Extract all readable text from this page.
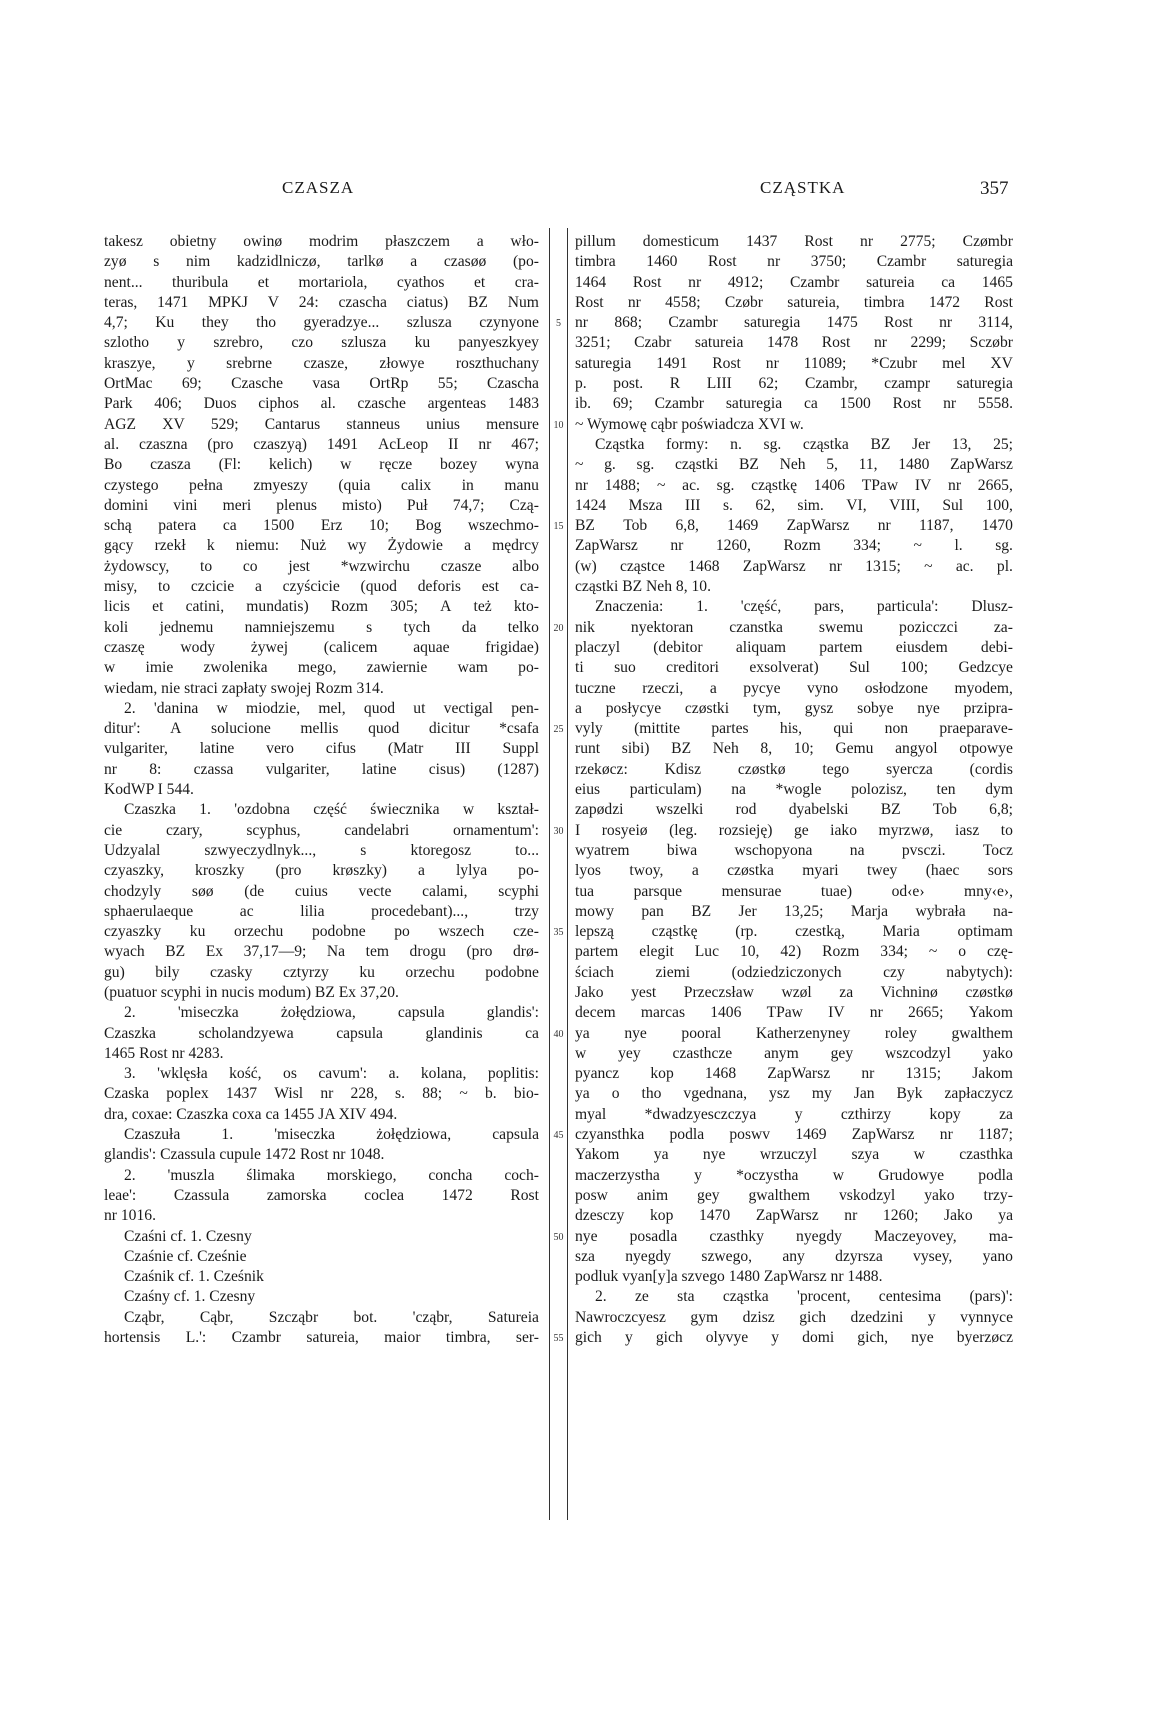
CZASZA	CZĄSTKA	357
5
10
15
20
25
30
35
40
45
50
55
takesz obietny owinø modrim płaszczem a wło-
zyø s nim kadzidlniczø, tarlkø a czasøø (po-
nent... thuribula et mortariola, cyathos et cra-
teras, 1471 MPKJ V 24: czascha ciatus) BZ Num
4,7; Ku they tho gyeradzye... szlusza czynyone
szlotho y szrebro, czo szlusza ku panyeszkyey
kraszye, y srebrne czasze, złowye roszthuchany
OrtMac 69; Czasche vasa OrtRp 55; Czascha
Park 406; Duos ciphos al. czasche argenteas 1483
AGZ XV 529; Cantarus stanneus unius mensure
al. czaszna (pro czaszyą) 1491 AcLeop II nr 467;
Bo czasza (Fl: kelich) w ręcze bozey wyna
czystego pełna zmyeszy (quia calix in manu
domini vini meri plenus misto) Puł 74,7; Czą-
schą patera ca 1500 Erz 10; Bog wszechmo-
gący rzekł k niemu: Nuż wy Żydowie a mędrcy
żydowscy, to co jest *wzwirchu czasze albo
misy, to czcicie a czyścicie (quod deforis est ca-
licis et catini, mundatis) Rozm 305; A też kto-
koli jednemu namniejszemu s tych da telko
czaszę wody żywej (calicem aquae frigidae)
w imie zwolenika mego, zawiernie wam po-
wiedam, nie straci zapłaty swojej Rozm 314.
2. 'danina w miodzie, mel, quod ut vectigal pen-
ditur': A solucione mellis quod dicitur *csafa
vulgariter, latine vero cifus (Matr III Suppl
nr 8: czassa vulgariter, latine cisus) (1287)
KodWP I 544.
Czaszka 1. 'ozdobna część świecznika w kształ-
cie	czary,	scyphus,	candelabri	ornamentum':
Udzyalal	szwyeczydlnyk...,	s	ktoregosz	to...
czyaszky, kroszky (pro krøszky) a lylya po-
chodzyly søø (de cuius vecte calami, scyphi
sphaerulaeque	ac	lilia	procedebant)...,	trzy
czyaszky ku orzechu podobne po wszech cze-
wyach BZ Ex 37,17—9; Na tem drogu (pro drø-
gu) bily czasky cztyrzy ku orzechu podobne
(puatuor scyphi in nucis modum) BZ Ex 37,20.
2.	'miseczka	żołędziowa,	capsula	glandis':
Czaszka	scholandzyewa	capsula	glandinis	ca
1465 Rost nr 4283.
3. 'wklęsła kość, os cavum': a. kolana, poplitis:
Czaska poplex 1437 Wisl nr 228, s. 88; ~ b. bio-
dra, coxae: Czaszka coxa ca 1455 JA XIV 494.
Czaszuła	1.	'miseczka	żołędziowa,	capsula
glandis': Czassula cupule 1472 Rost nr 1048.
2. 'muszla ślimaka morskiego, concha coch-
leae': Czassula zamorska coclea 1472 Rost
nr 1016.
Czaśni cf. 1. Czesny
Czaśnie cf. Cześnie
Czaśnik cf. 1. Cześnik
Czaśny cf. 1. Czesny
Cząbr, Cąbr, Szcząbr bot. 'cząbr, Satureia
hortensis L.': Czambr satureia, maior timbra, ser-
pillum domesticum 1437 Rost nr 2775; Czømbr
timbra 1460 Rost nr 3750; Czambr saturegia
1464 Rost nr 4912; Czambr satureia ca 1465
Rost nr 4558; Czøbr satureia, timbra 1472 Rost
nr 868; Czambr saturegia 1475 Rost nr 3114,
3251; Czabr satureia 1478 Rost nr 2299; Sczøbr
saturegia 1491 Rost nr 11089; *Czubr mel XV
p. post. R LIII 62; Czambr, czampr saturegia
ib. 69; Czambr saturegia ca 1500 Rost nr 5558.
~ Wymowę cąbr poświadcza XVI w.
Cząstka formy: n. sg. cząstka BZ Jer 13, 25;
~ g. sg. cząstki BZ Neh 5, 11, 1480 ZapWarsz
nr 1488; ~ ac. sg. cząstkę 1406 TPaw IV nr 2665,
1424 Msza III s. 62, sim. VI, VIII, Sul 100,
BZ Tob 6,8, 1469 ZapWarsz nr 1187, 1470
ZapWarsz nr 1260, Rozm 334; ~ l. sg.
(w) cząstce 1468 ZapWarsz nr 1315; ~ ac. pl.
cząstki BZ Neh 8, 10.
Znaczenia: 1. 'część, pars, particula': Dlusz-
nik nyektoran czanstka swemu pozicczci za-
placzyl (debitor aliquam partem eiusdem debi-
ti suo creditori exsolverat) Sul 100; Gedzcye
tuczne rzeczi, a pycye vyno osłodzone myodem,
a posłycye czøstki tym, gysz sobye nye przipra-
vyly (mittite partes his, qui non praeparave-
runt sibi) BZ Neh 8, 10; Gemu angyol otpowye
rzekøcz: Kdisz czøstkø tego syercza (cordis
eius particulam) na *wogle polozisz, ten dym
zapødzi wszelki rod dyabelski BZ Tob 6,8;
I rosyeiø (leg. rozsieję) ge iako myrzwø, iasz to
wyatrem biwa wschopyona na pvsczi. Tocz
lyos twoy, a czøstka myari twey (haec sors
tua	parsque	mensurae	tuae)	od‹e›	mny‹e›,
mowy pan BZ Jer 13,25; Marja wybrała na-
lepszą cząstkę (rp. czestką, Maria optimam
partem elegit Luc 10, 42) Rozm 334; ~ o czę-
ściach	ziemi	(odziedziczonych	czy	nabytych):
Jako yest Przeczsław wzøl za Vichninø czøstkø
decem marcas 1406 TPaw IV nr 2665; Yakom
ya nye pooral Katherzenyney roley gwalthem
w yey czasthcze anym gey wszcodzyl yako
pyancz kop 1468 ZapWarsz nr 1315; Jakom
ya o tho vgednana, ysz my Jan Byk zapłaczycz
myal *dwadzyesczczya y czthirzy kopy za
czyansthka podla poswv 1469 ZapWarsz nr 1187;
Yakom ya nye wrzuczyl szya w czasthka
maczerzystha y *oczystha w Grudowye podla
posw anim gey gwalthem vskodzyl yako trzy-
dzesczy kop 1470 ZapWarsz nr 1260; Jako ya
nye posadla czasthky nyegdy Maczeyovey, ma-
sza nyegdy szwego, any dzyrsza vysey, yano
podluk vyan[y]a szvego 1480 ZapWarsz nr 1488.
2. ze sta cząstka 'procent, centesima (pars)':
Nawroczcyesz gym dzisz gich dzedzini y vynnyce
gich y gich olyvye y domi gich, nye byerzøcz
